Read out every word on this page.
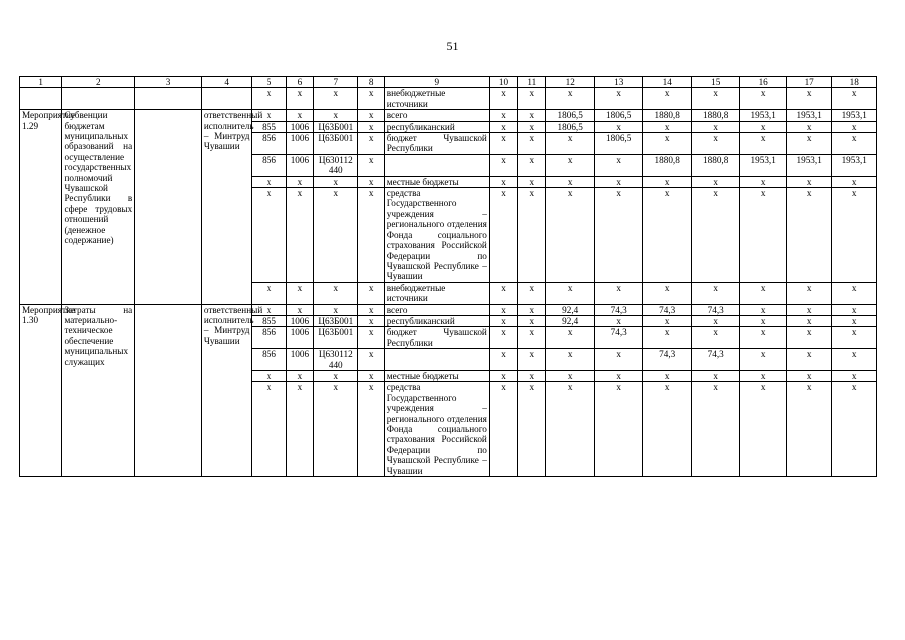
51
1	2	3	4	5	6	7	8	9	10	11	12	13	14	15	16	17	18
				x	x	x	x	внебюджетные источники	x	x	x	x	x	x	x	x	x
Мероприятие 1.29	Субвенции бюджетам муниципальных образований на осуществление государственных полномочий Чувашской Республики в сфере трудовых отношений (денежное содержание)		ответственный исполнитель – Минтруд Чувашии	x	x	x	x	всего	x	x	1806,5	1806,5	1880,8	1880,8	1953,1	1953,1	1953,1
				855	1006	Ц63Б001	x	республиканский	x	x	1806,5	x	x	x	x	x	x
				856	1006	Ц63Б001	x	бюджет Чувашской Республики	x	x	x	1806,5	x	x	x	x	x
				856	1006	Ц630112 440	x		x	x	x	x	1880,8	1880,8	1953,1	1953,1	1953,1
				x	x	x	x	местные бюджеты	x	x	x	x	x	x	x	x	x
				x	x	x	x	средства Государственного учреждения – регионального отделения Фонда социального страхования Российской Федерации по Чувашской Республике – Чувашии	x	x	x	x	x	x	x	x	x
				x	x	x	x	внебюджетные источники	x	x	x	x	x	x	x	x	x
Мероприятие 1.30	Затраты на материально-техническое обеспечение муниципальных служащих		ответственный исполнитель – Минтруд Чувашии	x	x	x	x	всего	x	x	92,4	74,3	74,3	74,3	x	x	x
				855	1006	Ц63Б001	x	республиканский	x	x	92,4	x	x	x	x	x	x
				856	1006	Ц63Б001	x	бюджет Чувашской Республики	x	x	x	74,3	x	x	x	x	x
				856	1006	Ц630112 440	x		x	x	x	x	74,3	74,3	x	x	x
				x	x	x	x	местные бюджеты	x	x	x	x	x	x	x	x	x
				x	x	x	x	средства Государственного учреждения – регионального отделения Фонда социального страхования Российской Федерации по Чувашской Республике – Чувашии	x	x	x	x	x	x	x	x	x
